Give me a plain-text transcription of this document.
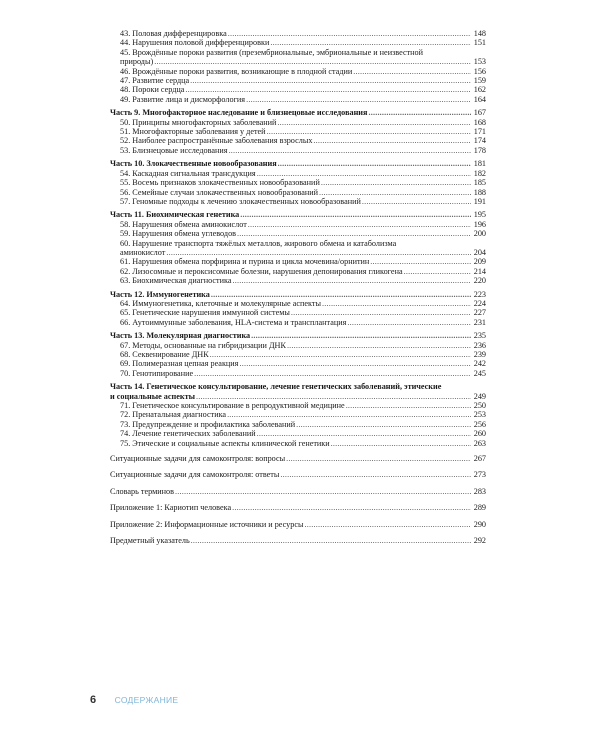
43. Половая дифференцировка .....	148
44. Нарушения половой дифференцировки .....	151
45. Врождённые пороки развития (презембриональные, эмбриональные и неизвестной
природы) .....	153
46. Врождённые пороки развития, возникающие в плодной стадии .....	156
47. Развитие сердца .....	159
48. Пороки сердца .....	162
49. Развитие лица и дисморфология .....	164
Часть 9. Многофакторное наследование и близнецовые исследования .....	167
50. Принципы многофакторных заболеваний .....	168
51. Многофакторные заболевания у детей .....	171
52. Наиболее распространённые заболевания взрослых .....	174
53. Близнецовые исследования .....	178
Часть 10. Злокачественные новообразования .....	181
54. Каскадная сигнальная трансдукция .....	182
55. Восемь признаков злокачественных новообразований .....	185
56. Семейные случаи злокачественных новообразований .....	188
57. Геномные подходы к лечению злокачественных новообразований .....	191
Часть 11. Биохимическая генетика .....	195
58. Нарушения обмена аминокислот .....	196
59. Нарушения обмена углеводов .....	200
60. Нарушение транспорта тяжёлых металлов, жирового обмена и катаболизма
аминокислот .....	204
61. Нарушения обмена порфирина и пурина и цикла мочевина/орнитин .....	209
62. Лизосомные и пероксисомные болезни, нарушения депонирования гликогена .....	214
63. Биохимическая диагностика .....	220
Часть 12. Иммуногенетика .....	223
64. Иммуногенетика, клеточные и молекулярные аспекты .....	224
65. Генетические нарушения иммунной системы .....	227
66. Аутоиммунные заболевания, HLA-система и трансплантация .....	231
Часть 13. Молекулярная диагностика .....	235
67. Методы, основанные на гибридизации ДНК .....	236
68. Секвенирование ДНК .....	239
69. Полимеразная цепная реакция .....	242
70. Генотипирование .....	245
Часть 14. Генетическое консультирование, лечение генетических заболеваний, этические
и социальные аспекты .....	249
71. Генетическое консультирование в репродуктивной медицине .....	250
72. Пренатальная диагностика .....	253
73. Предупреждение и профилактика заболеваний .....	256
74. Лечение генетических заболеваний .....	260
75. Этические и социальные аспекты клинической генетики .....	263
Ситуационные задачи для самоконтроля: вопросы .....	267
Ситуационные задачи для самоконтроля: ответы .....	273
Словарь терминов .....	283
Приложение 1: Кариотип человека .....	289
Приложение 2: Информационные источники и ресурсы .....	290
Предметный указатель .....	292
6 СОДЕРЖАНИЕ
